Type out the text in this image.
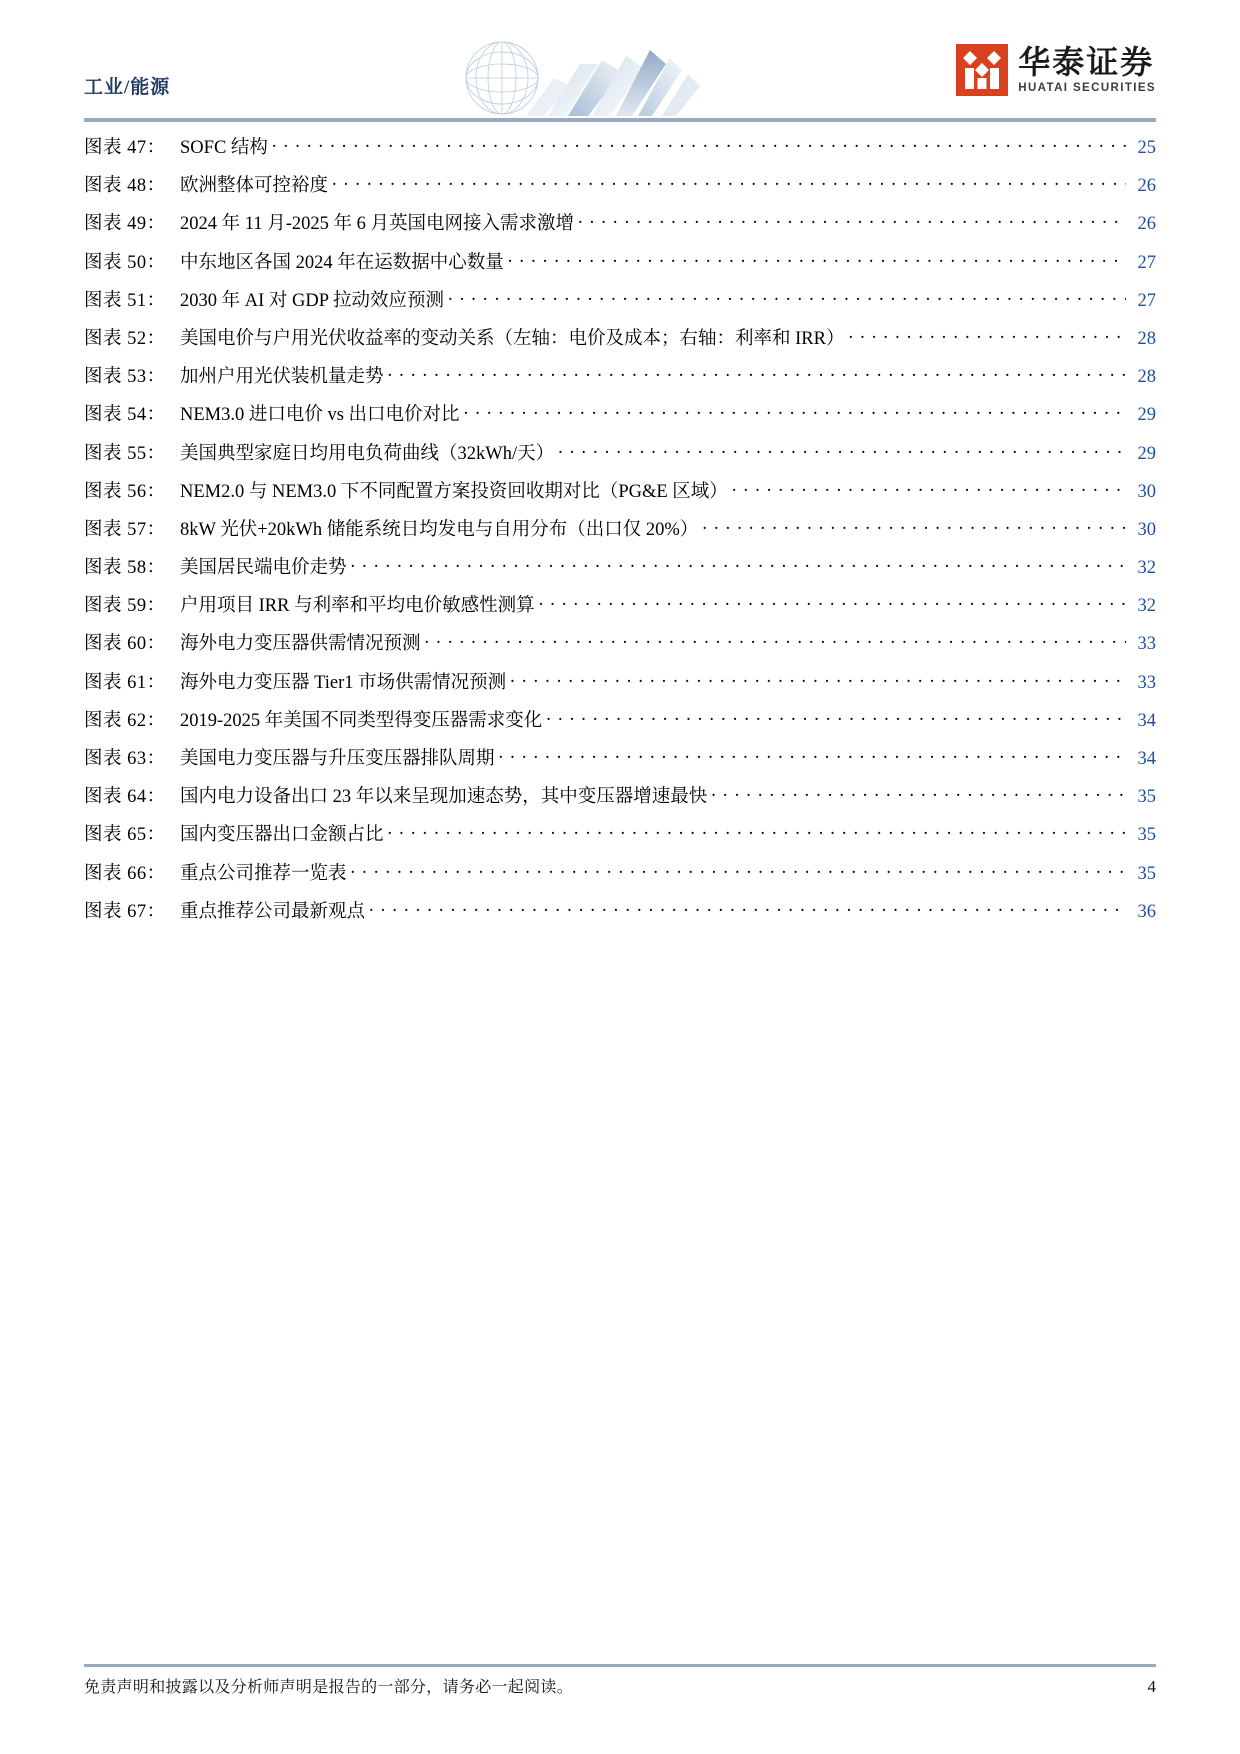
工业/能源
华泰证券
HUATAI SECURITIES
图表 47： SOFC 结构 . . .	25
图表 48： 欧洲整体可控裕度 . . .	26
图表 49： 2024 年 11 月-2025 年 6 月英国电网接入需求激增 . . .	26
图表 50： 中东地区各国 2024 年在运数据中心数量 . . .	27
图表 51： 2030 年 AI 对 GDP 拉动效应预测 . . .	27
图表 52： 美国电价与户用光伏收益率的变动关系（左轴：电价及成本；右轴：利率和 IRR） . . .	28
图表 53： 加州户用光伏装机量走势 . . .	28
图表 54： NEM3.0 进口电价 vs 出口电价对比 . . .	29
图表 55： 美国典型家庭日均用电负荷曲线（32kWh/天） . . .	29
图表 56： NEM2.0 与 NEM3.0 下不同配置方案投资回收期对比（PG&E 区域） . . .	30
图表 57： 8kW 光伏+20kWh 储能系统日均发电与自用分布（出口仅 20%） . . .	30
图表 58： 美国居民端电价走势 . . .	32
图表 59： 户用项目 IRR 与利率和平均电价敏感性测算 . . .	32
图表 60： 海外电力变压器供需情况预测 . . .	33
图表 61： 海外电力变压器 Tier1 市场供需情况预测 . . .	33
图表 62： 2019-2025 年美国不同类型得变压器需求变化 . . .	34
图表 63： 美国电力变压器与升压变压器排队周期 . . .	34
图表 64： 国内电力设备出口 23 年以来呈现加速态势，其中变压器增速最快 . . .	35
图表 65： 国内变压器出口金额占比 . . .	35
图表 66： 重点公司推荐一览表 . . .	35
图表 67： 重点推荐公司最新观点 . . .	36
免责声明和披露以及分析师声明是报告的一部分，请务必一起阅读。	4
